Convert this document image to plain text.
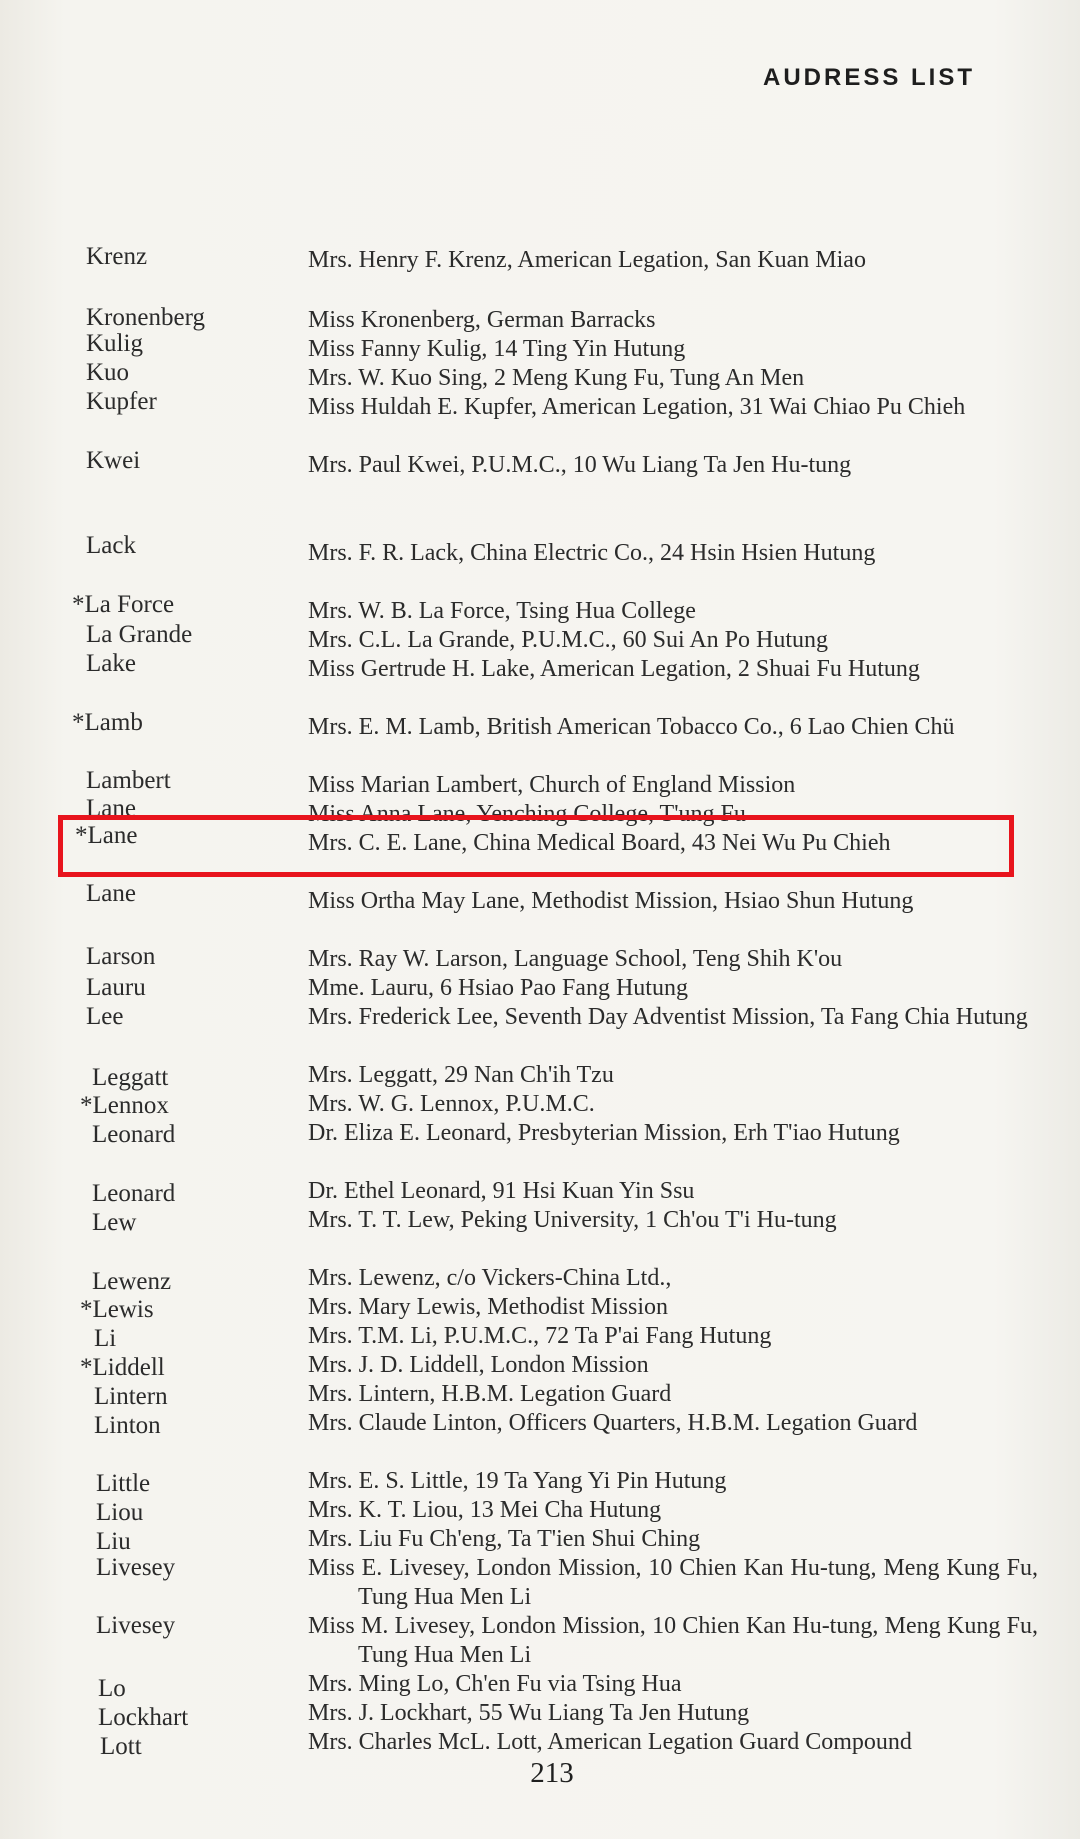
AUDRESS LIST
Krenz	Mrs. Henry F. Krenz, American Legation, San Kuan Miao
Kronenberg	Miss Kronenberg, German Barracks
Kulig	Miss Fanny Kulig, 14 Ting Yin Hutung
Kuo	Mrs. W. Kuo Sing, 2 Meng Kung Fu, Tung An Men
Kupfer	Miss Huldah E. Kupfer, American Legation, 31 Wai Chiao Pu Chieh
Kwei	Mrs. Paul Kwei, P.U.M.C., 10 Wu Liang Ta Jen Hu-tung
Lack	Mrs. F. R. Lack, China Electric Co., 24 Hsin Hsien Hutung
*La Force	Mrs. W. B. La Force, Tsing Hua College
La Grande	Mrs. C.L. La Grande, P.U.M.C., 60 Sui An Po Hutung
Lake	Miss Gertrude H. Lake, American Legation, 2 Shuai Fu Hutung
*Lamb	Mrs. E. M. Lamb, British American Tobacco Co., 6 Lao Chien Chü
Lambert	Miss Marian Lambert, Church of England Mission
Lane	Miss Anna Lane, Yenching College, T'ung Fu
*Lane	Mrs. C. E. Lane, China Medical Board, 43 Nei Wu Pu Chieh
Lane	Miss Ortha May Lane, Methodist Mission, Hsiao Shun Hutung
Larson	Mrs. Ray W. Larson, Language School, Teng Shih K'ou
Lauru	Mme. Lauru, 6 Hsiao Pao Fang Hutung
Lee	Mrs. Frederick Lee, Seventh Day Adventist Mission, Ta Fang Chia Hutung
Leggatt	Mrs. Leggatt, 29 Nan Ch'ih Tzu
*Lennox	Mrs. W. G. Lennox, P.U.M.C.
Leonard	Dr. Eliza E. Leonard, Presbyterian Mission, Erh T'iao Hutung
Leonard	Dr. Ethel Leonard, 91 Hsi Kuan Yin Ssu
Lew	Mrs. T. T. Lew, Peking University, 1 Ch'ou T'i Hu-tung
Lewenz	Mrs. Lewenz, c/o Vickers-China Ltd.,
*Lewis	Mrs. Mary Lewis, Methodist Mission
Li	Mrs. T.M. Li, P.U.M.C., 72 Ta P'ai Fang Hutung
*Liddell	Mrs. J. D. Liddell, London Mission
Lintern	Mrs. Lintern, H.B.M. Legation Guard
Linton	Mrs. Claude Linton, Officers Quarters, H.B.M. Legation Guard
Little	Mrs. E. S. Little, 19 Ta Yang Yi Pin Hutung
Liou	Mrs. K. T. Liou, 13 Mei Cha Hutung
Liu	Mrs. Liu Fu Ch'eng, Ta T'ien Shui Ching
Livesey	Miss E. Livesey, London Mission, 10 Chien Kan Hu-tung, Meng Kung Fu, Tung Hua Men Li
Livesey	Miss M. Livesey, London Mission, 10 Chien Kan Hu-tung, Meng Kung Fu, Tung Hua Men Li
Lo	Mrs. Ming Lo, Ch'en Fu via Tsing Hua
Lockhart	Mrs. J. Lockhart, 55 Wu Liang Ta Jen Hutung
Lott	Mrs. Charles McL. Lott, American Legation Guard Compound
213
